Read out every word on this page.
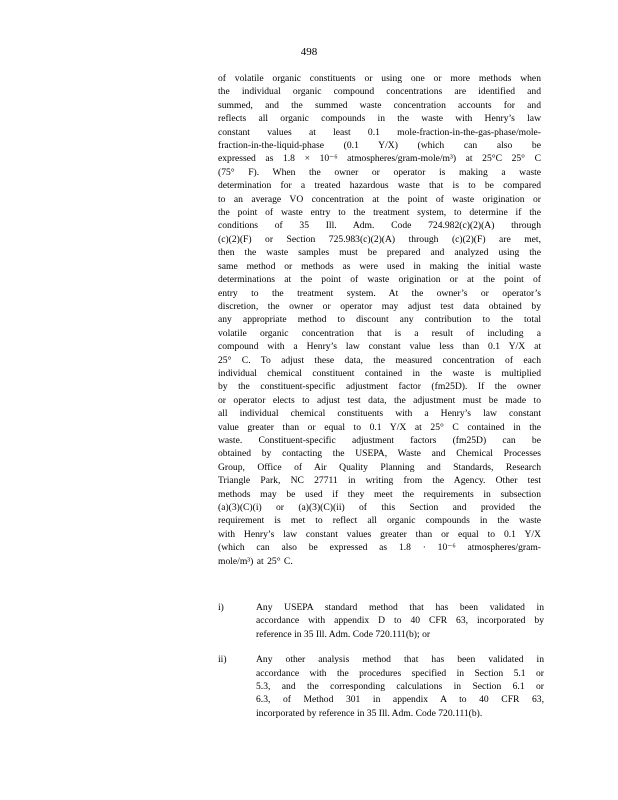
498
of volatile organic constituents or using one or more methods when
the individual organic compound concentrations are identified and
summed, and the summed waste concentration accounts for and
reflects all organic compounds in the waste with Henry’s law
constant values at least 0.1 mole-fraction-in-the-gas-phase/mole-
fraction-in-the-liquid-phase (0.1 Y/X) (which can also be
expressed as 1.8 × 10⁻⁶ atmospheres/gram-mole/m³) at 25°C 25° C
(75° F). When the owner or operator is making a waste
determination for a treated hazardous waste that is to be compared
to an average VO concentration at the point of waste origination or
the point of waste entry to the treatment system, to determine if the
conditions of 35 Ill. Adm. Code 724.982(c)(2)(A) through
(c)(2)(F) or Section 725.983(c)(2)(A) through (c)(2)(F) are met,
then the waste samples must be prepared and analyzed using the
same method or methods as were used in making the initial waste
determinations at the point of waste origination or at the point of
entry to the treatment system. At the owner’s or operator’s
discretion, the owner or operator may adjust test data obtained by
any appropriate method to discount any contribution to the total
volatile organic concentration that is a result of including a
compound with a Henry’s law constant value less than 0.1 Y/X at
25° C. To adjust these data, the measured concentration of each
individual chemical constituent contained in the waste is multiplied
by the constituent-specific adjustment factor (fm25D). If the owner
or operator elects to adjust test data, the adjustment must be made to
all individual chemical constituents with a Henry’s law constant
value greater than or equal to 0.1 Y/X at 25° C contained in the
waste. Constituent-specific adjustment factors (fm25D) can be
obtained by contacting the USEPA, Waste and Chemical Processes
Group, Office of Air Quality Planning and Standards, Research
Triangle Park, NC 27711 in writing from the Agency. Other test
methods may be used if they meet the requirements in subsection
(a)(3)(C)(i) or (a)(3)(C)(ii) of this Section and provided the
requirement is met to reflect all organic compounds in the waste
with Henry’s law constant values greater than or equal to 0.1 Y/X
(which can also be expressed as 1.8 · 10⁻⁶ atmospheres/gram-
mole/m³) at 25° C.
i)	Any USEPA standard method that has been validated in
accordance with appendix D to 40 CFR 63, incorporated by
reference in 35 Ill. Adm. Code 720.111(b); or
ii)	Any other analysis method that has been validated in
accordance with the procedures specified in Section 5.1 or
5.3, and the corresponding calculations in Section 6.1 or
6.3, of Method 301 in appendix A to 40 CFR 63,
incorporated by reference in 35 Ill. Adm. Code 720.111(b).
